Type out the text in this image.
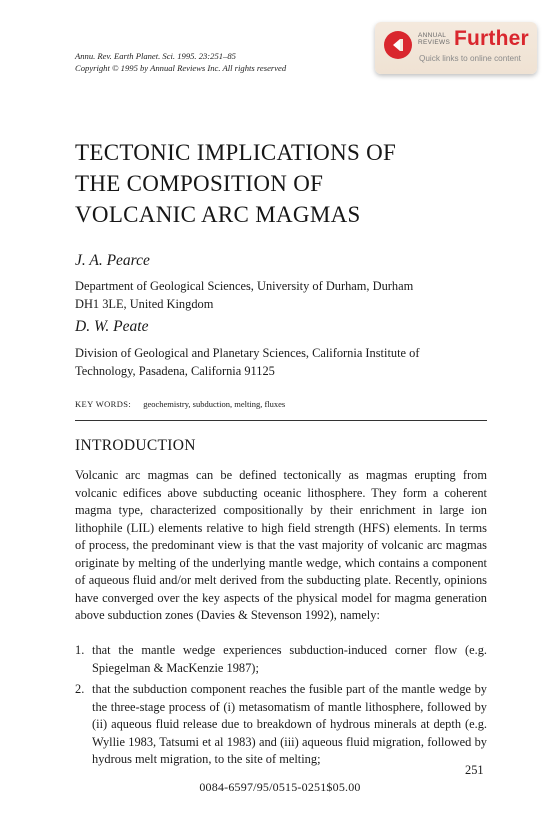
Annu. Rev. Earth Planet. Sci. 1995. 23:251–85
Copyright © 1995 by Annual Reviews Inc. All rights reserved
ANNUAL
REVIEWS Further
Quick links to online content
TECTONIC IMPLICATIONS OF
THE COMPOSITION OF
VOLCANIC ARC MAGMAS
J. A. Pearce
Department of Geological Sciences, University of Durham, Durham
DH1 3LE, United Kingdom
D. W. Peate
Division of Geological and Planetary Sciences, California Institute of
Technology, Pasadena, California 91125
KEY WORDS: geochemistry, subduction, melting, fluxes
INTRODUCTION
Volcanic arc magmas can be defined tectonically as magmas erupting from volcanic edifices above subducting oceanic lithosphere. They form a coherent magma type, characterized compositionally by their enrichment in large ion lithophile (LIL) elements relative to high field strength (HFS) elements. In terms of process, the predominant view is that the vast majority of volcanic arc magmas originate by melting of the underlying mantle wedge, which contains a component of aqueous fluid and/or melt derived from the subducting plate. Recently, opinions have converged over the key aspects of the physical model for magma generation above subduction zones (Davies & Stevenson 1992), namely:
1. that the mantle wedge experiences subduction-induced corner flow (e.g. Spiegelman & MacKenzie 1987);
2. that the subduction component reaches the fusible part of the mantle wedge by the three-stage process of (i) metasomatism of mantle lithosphere, followed by (ii) aqueous fluid release due to breakdown of hydrous minerals at depth (e.g. Wyllie 1983, Tatsumi et al 1983) and (iii) aqueous fluid migration, followed by hydrous melt migration, to the site of melting;
251
0084-6597/95/0515-0251$05.00
